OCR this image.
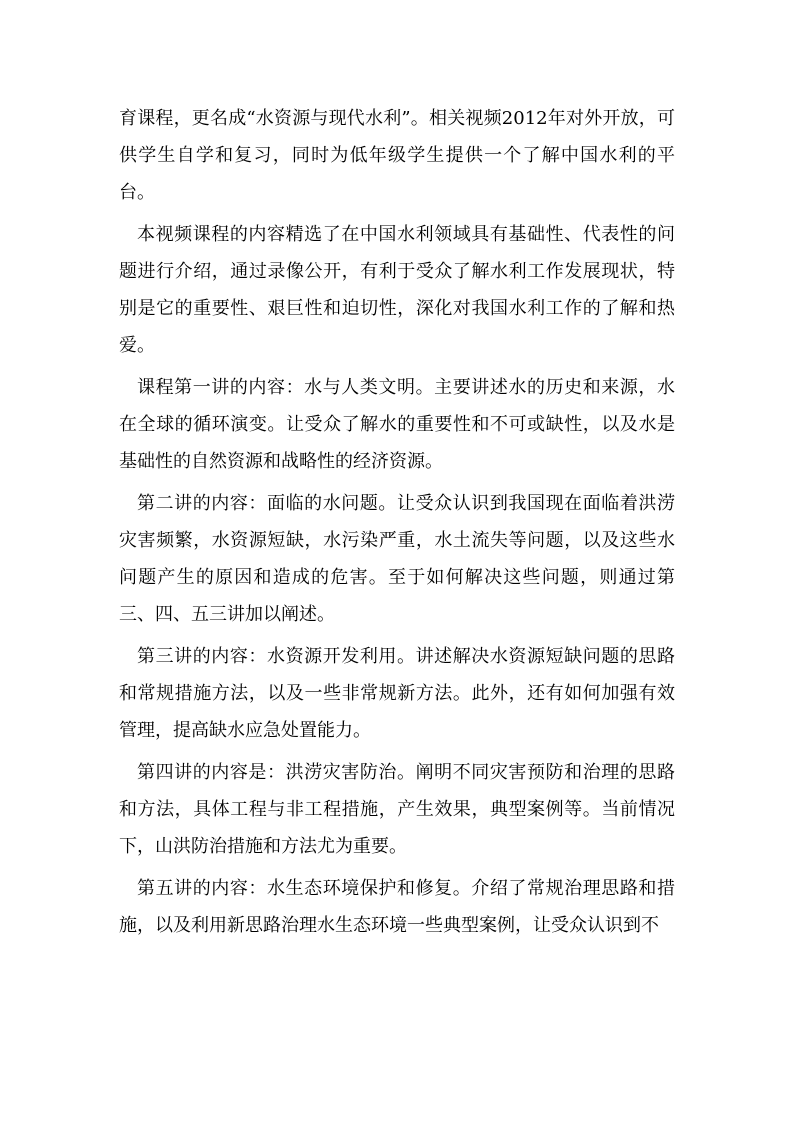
育课程，更名成“水资源与现代水利”。相关视频2012年对外开放，可供学生自学和复习，同时为低年级学生提供一个了解中国水利的平台。

本视频课程的内容精选了在中国水利领域具有基础性、代表性的问题进行介绍，通过录像公开，有利于受众了解水利工作发展现状，特别是它的重要性、艰巨性和迫切性，深化对我国水利工作的了解和热爱。

课程第一讲的内容：水与人类文明。主要讲述水的历史和来源，水在全球的循环演变。让受众了解水的重要性和不可或缺性，以及水是基础性的自然资源和战略性的经济资源。

第二讲的内容：面临的水问题。让受众认识到我国现在面临着洪涝灾害频繁，水资源短缺，水污染严重，水土流失等问题，以及这些水问题产生的原因和造成的危害。至于如何解决这些问题，则通过第三、四、五三讲加以阐述。

第三讲的内容：水资源开发利用。讲述解决水资源短缺问题的思路和常规措施方法，以及一些非常规新方法。此外，还有如何加强有效管理，提高缺水应急处置能力。

第四讲的内容是：洪涝灾害防治。阐明不同灾害预防和治理的思路和方法，具体工程与非工程措施，产生效果，典型案例等。当前情况下，山洪防治措施和方法尤为重要。

第五讲的内容：水生态环境保护和修复。介绍了常规治理思路和措施，以及利用新思路治理水生态环境一些典型案例，让受众认识到不
